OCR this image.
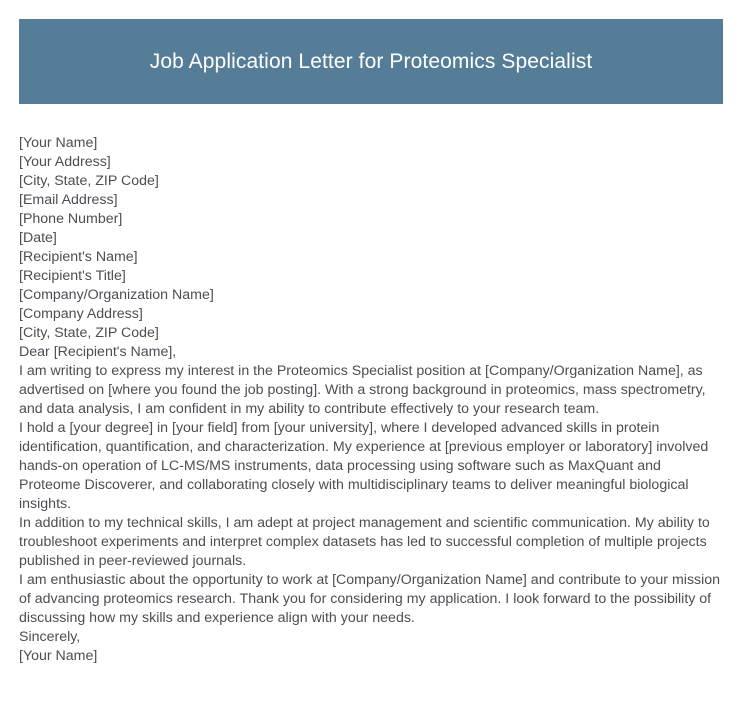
Job Application Letter for Proteomics Specialist
[Your Name]
[Your Address]
[City, State, ZIP Code]
[Email Address]
[Phone Number]
[Date]
[Recipient's Name]
[Recipient's Title]
[Company/Organization Name]
[Company Address]
[City, State, ZIP Code]
Dear [Recipient's Name],
I am writing to express my interest in the Proteomics Specialist position at [Company/Organization Name], as advertised on [where you found the job posting]. With a strong background in proteomics, mass spectrometry, and data analysis, I am confident in my ability to contribute effectively to your research team.
I hold a [your degree] in [your field] from [your university], where I developed advanced skills in protein identification, quantification, and characterization. My experience at [previous employer or laboratory] involved hands-on operation of LC-MS/MS instruments, data processing using software such as MaxQuant and Proteome Discoverer, and collaborating closely with multidisciplinary teams to deliver meaningful biological insights.
In addition to my technical skills, I am adept at project management and scientific communication. My ability to troubleshoot experiments and interpret complex datasets has led to successful completion of multiple projects published in peer-reviewed journals.
I am enthusiastic about the opportunity to work at [Company/Organization Name] and contribute to your mission of advancing proteomics research. Thank you for considering my application. I look forward to the possibility of discussing how my skills and experience align with your needs.
Sincerely,
[Your Name]
